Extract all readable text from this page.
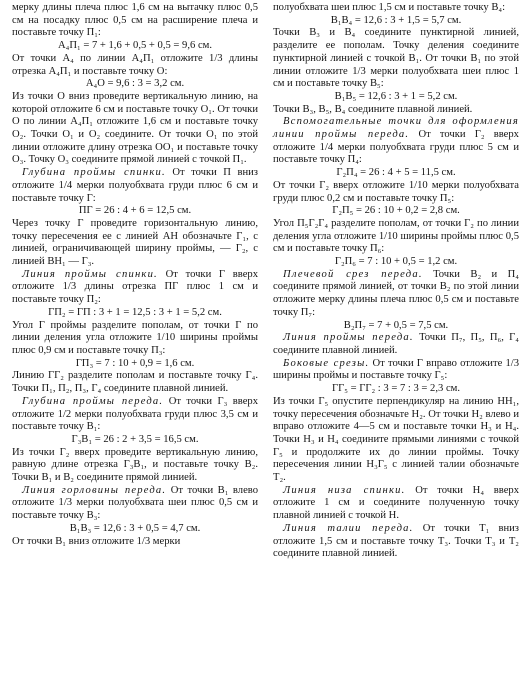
мерку длины плеча плюс 1,6 см на вытачку плюс 0,5 см на посадку плюс 0,5 см на расширение плеча и поставьте точку П₁:

А₄П₁ = 7 + 1,6 + 0,5 + 0,5 = 9,6 см.

От точки А₄ по линии А₄П₁ отложите 1/3 длины отрезка А₄П₁ и поставьте точку О:

А₄О = 9,6 : 3 = 3,2 см.

Из точки О вниз проведите вертикальную линию, на которой отложите 6 см и поставьте точку О₁. От точки О по линии А₄П₁ отложите 1,6 см и поставьте точку О₂. Точки О₁ и О₂ соедините. От точки О₁ по этой линии отложите длину отрезка ОО₁ и поставьте точку О₃. Точку О₃ соедините прямой линией с точкой П₁.

Глубина проймы спинки. От точки П вниз отложите 1/4 мерки полуобхвата груди плюс 6 см и поставьте точку Г:

ПГ = 26 : 4 + 6 = 12,5 см.

Через точку Г проведите горизонтальную линию, точку пересечения ее с линией АН обозначьте Г₁, с линией, ограничивающей ширину проймы, — Г₂, с линией ВН₁ — Г₃.

Линия проймы спинки. От точки Г вверх отложите 1/3 длины отрезка ПГ плюс 1 см и поставьте точку П₂:

ГП₂ = ГП : 3 + 1 = 12,5 : 3 + 1 = 5,2 см.

Угол Г проймы разделите пополам, от точки Г по линии деления угла отложите 1/10 ширины проймы плюс 0,9 см и поставьте точку П₃:

ГП₃ = 7 : 10 + 0,9 = 1,6 см.

Линию ГГ₂ разделите пополам и поставьте точку Г₄. Точки П₁, П₂, П₃, Г₄ соедините плавной линией.

Глубина проймы переда. От точки Г₃ вверх отложите 1/2 мерки полуобхвата груди плюс 3,5 см и поставьте точку В₁:

Г₃В₁ = 26 : 2 + 3,5 = 16,5 см.

Из точки Г₂ вверх проведите вертикальную линию, равную длине отрезка Г₃В₁, и поставьте точку В₂. Точки В₁ и В₂ соедините прямой линией.

Линия горловины переда. От точки В₁ влево отложите 1/3 мерки полуобхвата шеи плюс 0,5 см и поставьте точку В₃:

В₁В₃ = 12,6 : 3 + 0,5 = 4,7 см.

От точки В₁ вниз отложите 1/3 мерки

полуобхвата шеи плюс 1,5 см и поставьте точку В₄:

В₁В₄ = 12,6 : 3 + 1,5 = 5,7 см.

Точки В₃ и В₄ соедините пунктирной линией, разделите ее пополам. Точку деления соедините пунктирной линией с точкой В₁. От точки В₁ по этой линии отложите 1/3 мерки полуобхвата шеи плюс 1 см и поставьте точку В₅:

В₁В₅ = 12,6 : 3 + 1 = 5,2 см.

Точки В₃, В₅, В₄ соедините плавной линией.

Вспомогательные точки для оформления линии проймы переда. От точки Г₂ вверх отложите 1/4 мерки полуобхвата груди плюс 5 см и поставьте точку П₄:

Г₂П₄ = 26 : 4 + 5 = 11,5 см.

От точки Г₂ вверх отложите 1/10 мерки полуобхвата груди плюс 0,2 см и поставьте точку П₅:

Г₂П₅ = 26 : 10 + 0,2 = 2,8 см.

Угол П₅Г₂Г₄ разделите пополам, от точки Г₂ по линии деления угла отложите 1/10 ширины проймы плюс 0,5 см и поставьте точку П₆:

Г₂П₆ = 7 : 10 + 0,5 = 1,2 см.

Плечевой срез переда. Точки В₂ и П₄ соедините прямой линией, от точки В₂ по этой линии отложите мерку длины плеча плюс 0,5 см и поставьте точку П₇:

В₂П₇ = 7 + 0,5 = 7,5 см.

Линия проймы переда. Точки П₇, П₅, П₆, Г₄ соедините плавной линией.

Боковые срезы. От точки Г вправо отложите 1/3 ширины проймы и поставьте точку Г₅:

ГГ₅ = ГГ₂ : 3 = 7 : 3 = 2,3 см.

Из точки Г₅ опустите перпендикуляр на линию НН₁, точку пересечения обозначьте Н₂. От точки Н₂ влево и вправо отложите 4—5 см и поставьте точки Н₃ и Н₄. Точки Н₃ и Н₄ соедините прямыми линиями с точкой Г₅ и продолжите их до линии проймы. Точку пересечения линии Н₃Г₅ с линией талии обозначьте Т₂.

Линия низа спинки. От точки Н₄ вверх отложите 1 см и соедините полученную точку плавной линией с точкой Н.

Линия талии переда. От точки Т₁ вниз отложите 1,5 см и поставьте точку Т₃. Точки Т₃ и Т₂ соедините плавной линией.
